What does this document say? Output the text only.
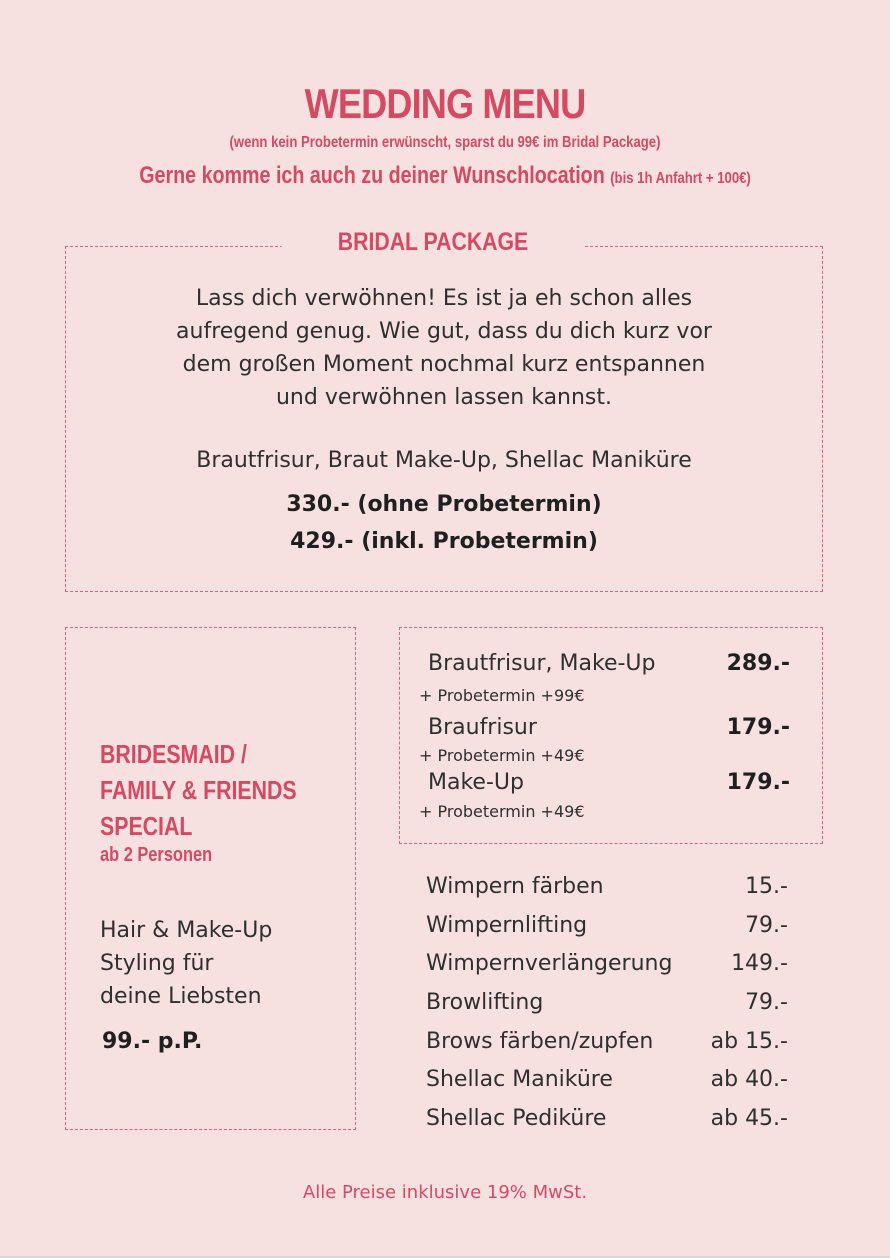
WEDDING MENU
(wenn kein Probetermin erwünscht, sparst du 99€ im Bridal Package)
Gerne komme ich auch zu deiner Wunschlocation (bis 1h Anfahrt + 100€)
BRIDAL PACKAGE
Lass dich verwöhnen! Es ist ja eh schon alles
aufregend genug. Wie gut, dass du dich kurz vor
dem großen Moment nochmal kurz entspannen
und verwöhnen lassen kannst.
Brautfrisur, Braut Make-Up, Shellac Maniküre
330.- (ohne Probetermin)
429.- (inkl. Probetermin)
BRIDESMAID /
FAMILY & FRIENDS
SPECIAL
ab 2 Personen
Hair & Make-Up
Styling für
deine Liebsten
99.- p.P.
Brautfrisur, Make-Up	289.-
+ Probetermin +99€
Braufrisur	179.-
+ Probetermin +49€
Make-Up	179.-
+ Probetermin +49€
Wimpern färben	15.-
Wimpernlifting	79.-
Wimpernverlängerung	149.-
Browlifting	79.-
Brows färben/zupfen	ab 15.-
Shellac Maniküre	ab 40.-
Shellac Pediküre	ab 45.-
Alle Preise inklusive 19% MwSt.
